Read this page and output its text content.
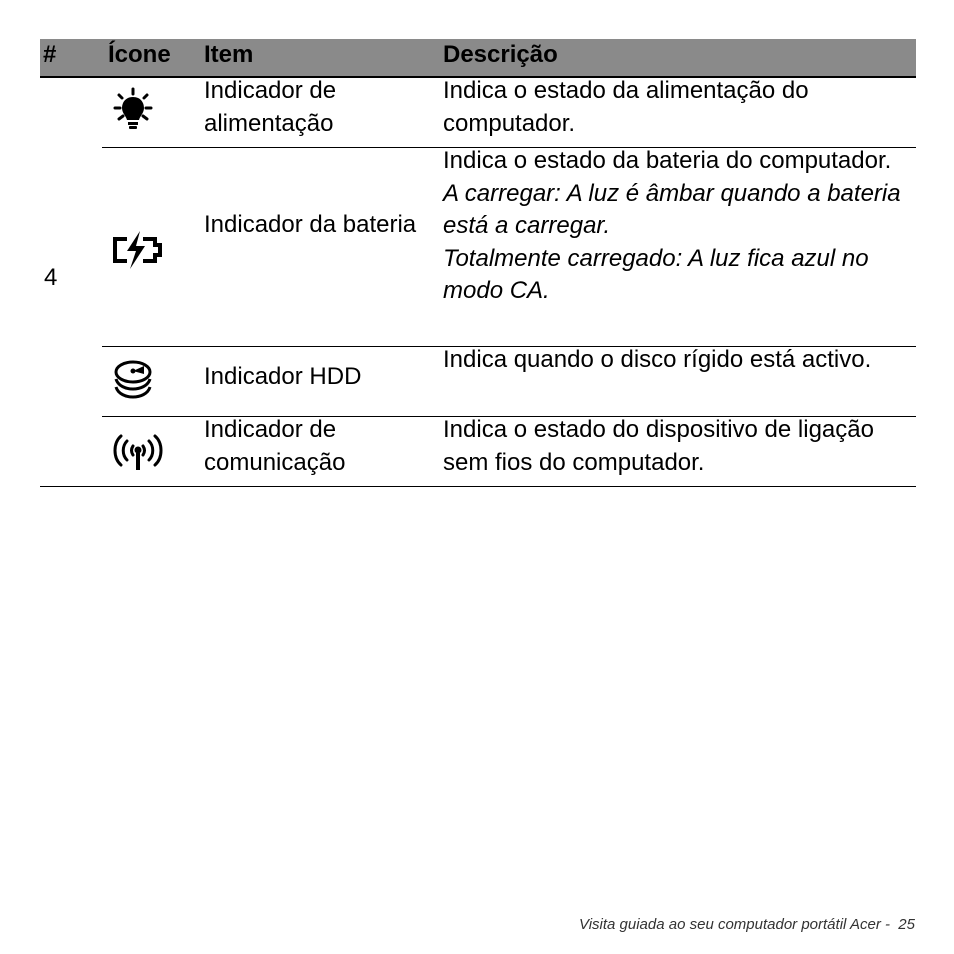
# Ícone Item	Descrição
4
Indicador de alimentação
Indica o estado da alimentação do computador.
Indicador da bateria
Indica o estado da bateria do computador.
A carregar: A luz é âmbar quando a bateria está a carregar.
Totalmente carregado: A luz fica azul no modo CA.
Indicador HDD
Indica quando o disco rígido está activo.
Indicador de comunicação
Indica o estado do dispositivo de ligação sem fios do computador.
Visita guiada ao seu computador portátil Acer -  25
